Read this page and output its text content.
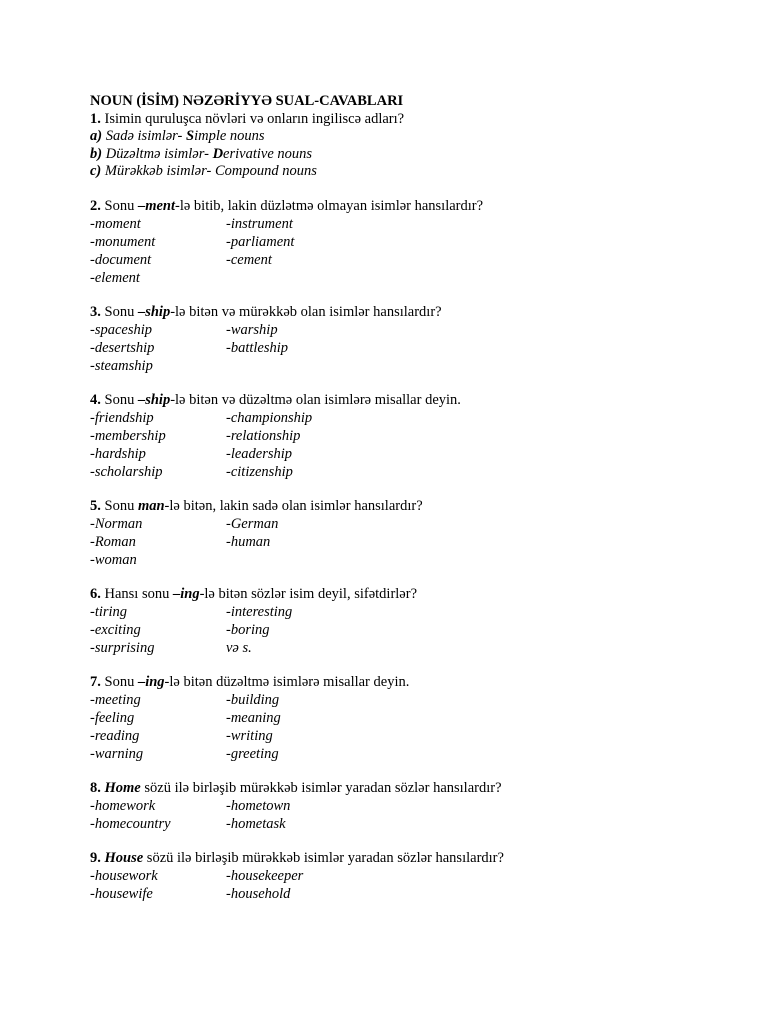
NOUN (İSİM) NƏZƏRİYYƏ SUAL-CAVABLARI
1. Isimin quruluşca növləri və onların ingiliscə adları?
a) Sadə isimlər- Simple nouns
b) Düzəltmə isimlər- Derivative nouns
c) Mürəkkəb isimlər- Compound nouns
2. Sonu –ment-lə bitib, lakin düzlətmə olmayan isimlər hansılardır?
-moment	-instrument
-monument	-parliament
-document	-cement
-element
3. Sonu –ship-lə bitən və mürəkkəb olan isimlər hansılardır?
-spaceship	-warship
-desertship	-battleship
-steamship
4. Sonu –ship-lə bitən və düzəltmə olan isimlərə misallar deyin.
-friendship	-championship
-membership	-relationship
-hardship	-leadership
-scholarship	-citizenship
5. Sonu man-lə bitən, lakin sadə olan isimlər hansılardır?
-Norman	-German
-Roman	-human
-woman
6. Hansı sonu –ing-lə bitən sözlər isim deyil, sifətdirlər?
-tiring	-interesting
-exciting	-boring
-surprising	və s.
7. Sonu –ing-lə bitən düzəltmə isimlərə misallar deyin.
-meeting	-building
-feeling	-meaning
-reading	-writing
-warning	-greeting
8. Home sözü ilə birləşib mürəkkəb isimlər yaradan sözlər hansılardır?
-homework	-hometown
-homecountry	-hometask
9. House sözü ilə birləşib mürəkkəb isimlər yaradan sözlər hansılardır?
-housework	-housekeeper
-housewife	-household
